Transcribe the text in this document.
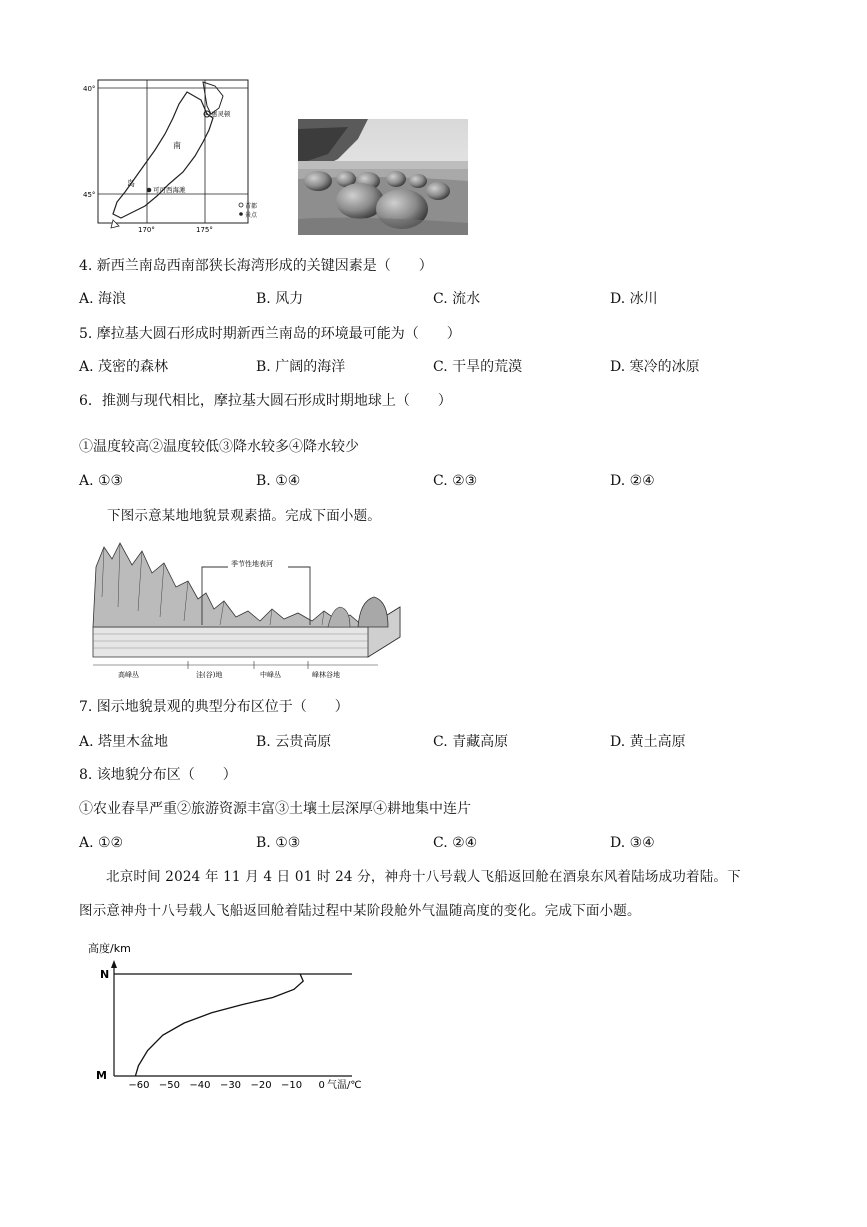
40°
45°
170°	175°
惠灵顿
南
岛
可可西海滩
首都
景点
4. 新西兰南岛西南部狭长海湾形成的关键因素是（　　）
A. 海浪	B. 风力	C. 流水	D. 冰川
5. 摩拉基大圆石形成时期新西兰南岛的环境最可能为（　　）
A. 茂密的森林	B. 广阔的海洋	C. 干旱的荒漠	D. 寒冷的冰原
6．推测与现代相比，摩拉基大圆石形成时期地球上（　　）
①温度较高②温度较低③降水较多④降水较少
A. ①③	B. ①④	C. ②③	D. ②④
下图示意某地地貌景观素描。完成下面小题。
季节性地表河
高峰丛	洼(谷)地	中峰丛	峰林谷地
7. 图示地貌景观的典型分布区位于（　　）
A. 塔里木盆地	B. 云贵高原	C. 青藏高原	D. 黄土高原
8. 该地貌分布区（　　）
①农业春旱严重②旅游资源丰富③土壤土层深厚④耕地集中连片
A. ①②	B. ①③	C. ②④	D. ③④
北京时间 2024 年 11 月 4 日 01 时 24 分，神舟十八号载人飞船返回舱在酒泉东风着陆场成功着陆。下
图示意神舟十八号载人飞船返回舱着陆过程中某阶段舱外气温随高度的变化。完成下面小题。
高度/km
N
M
气温/℃
−60 −50 −40 −30 −20 −10 0
